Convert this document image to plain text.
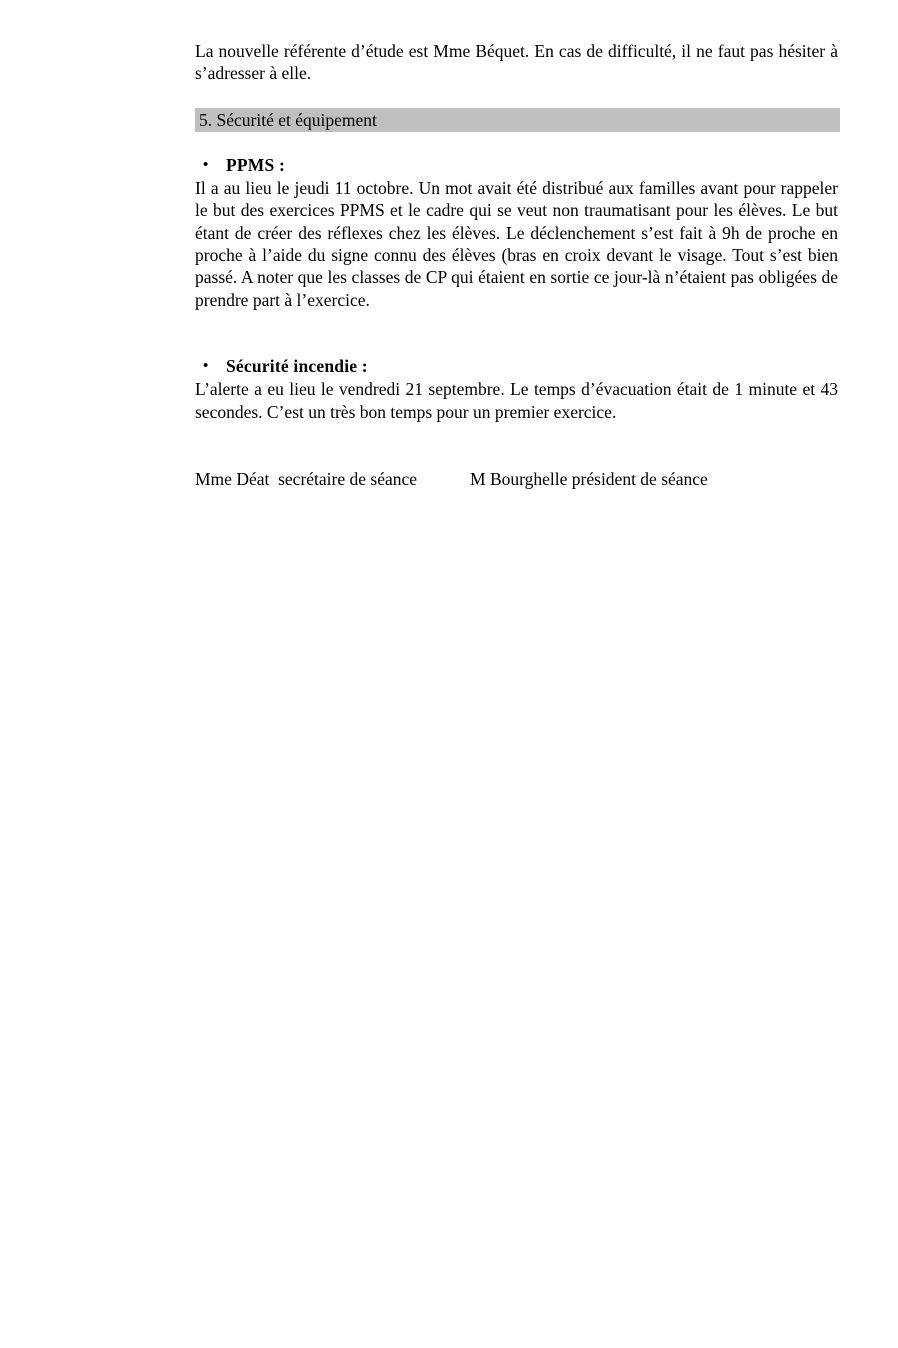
La nouvelle référente d’étude est Mme Béquet. En cas de difficulté, il ne faut pas hésiter à s’adresser à elle.

5. Sécurité et équipement
• PPMS :

Il a au lieu le jeudi 11 octobre. Un mot avait été distribué aux familles avant pour rappeler le but des exercices PPMS et le cadre qui se veut non traumatisant pour les élèves. Le but étant de créer des réflexes chez les élèves. Le déclenchement s’est fait à 9h de proche en proche à l’aide du signe connu des élèves (bras en croix devant le visage. Tout s’est bien passé. A noter que les classes de CP qui étaient en sortie ce jour-là n’étaient pas obligées de prendre part à l’exercice.

• Sécurité incendie :

L’alerte a eu lieu le vendredi 21 septembre. Le temps d’évacuation était de 1 minute et 43 secondes. C’est un très bon temps pour un premier exercice.

Mme Déat  secrétaire de séance	M Bourghelle président de séance
